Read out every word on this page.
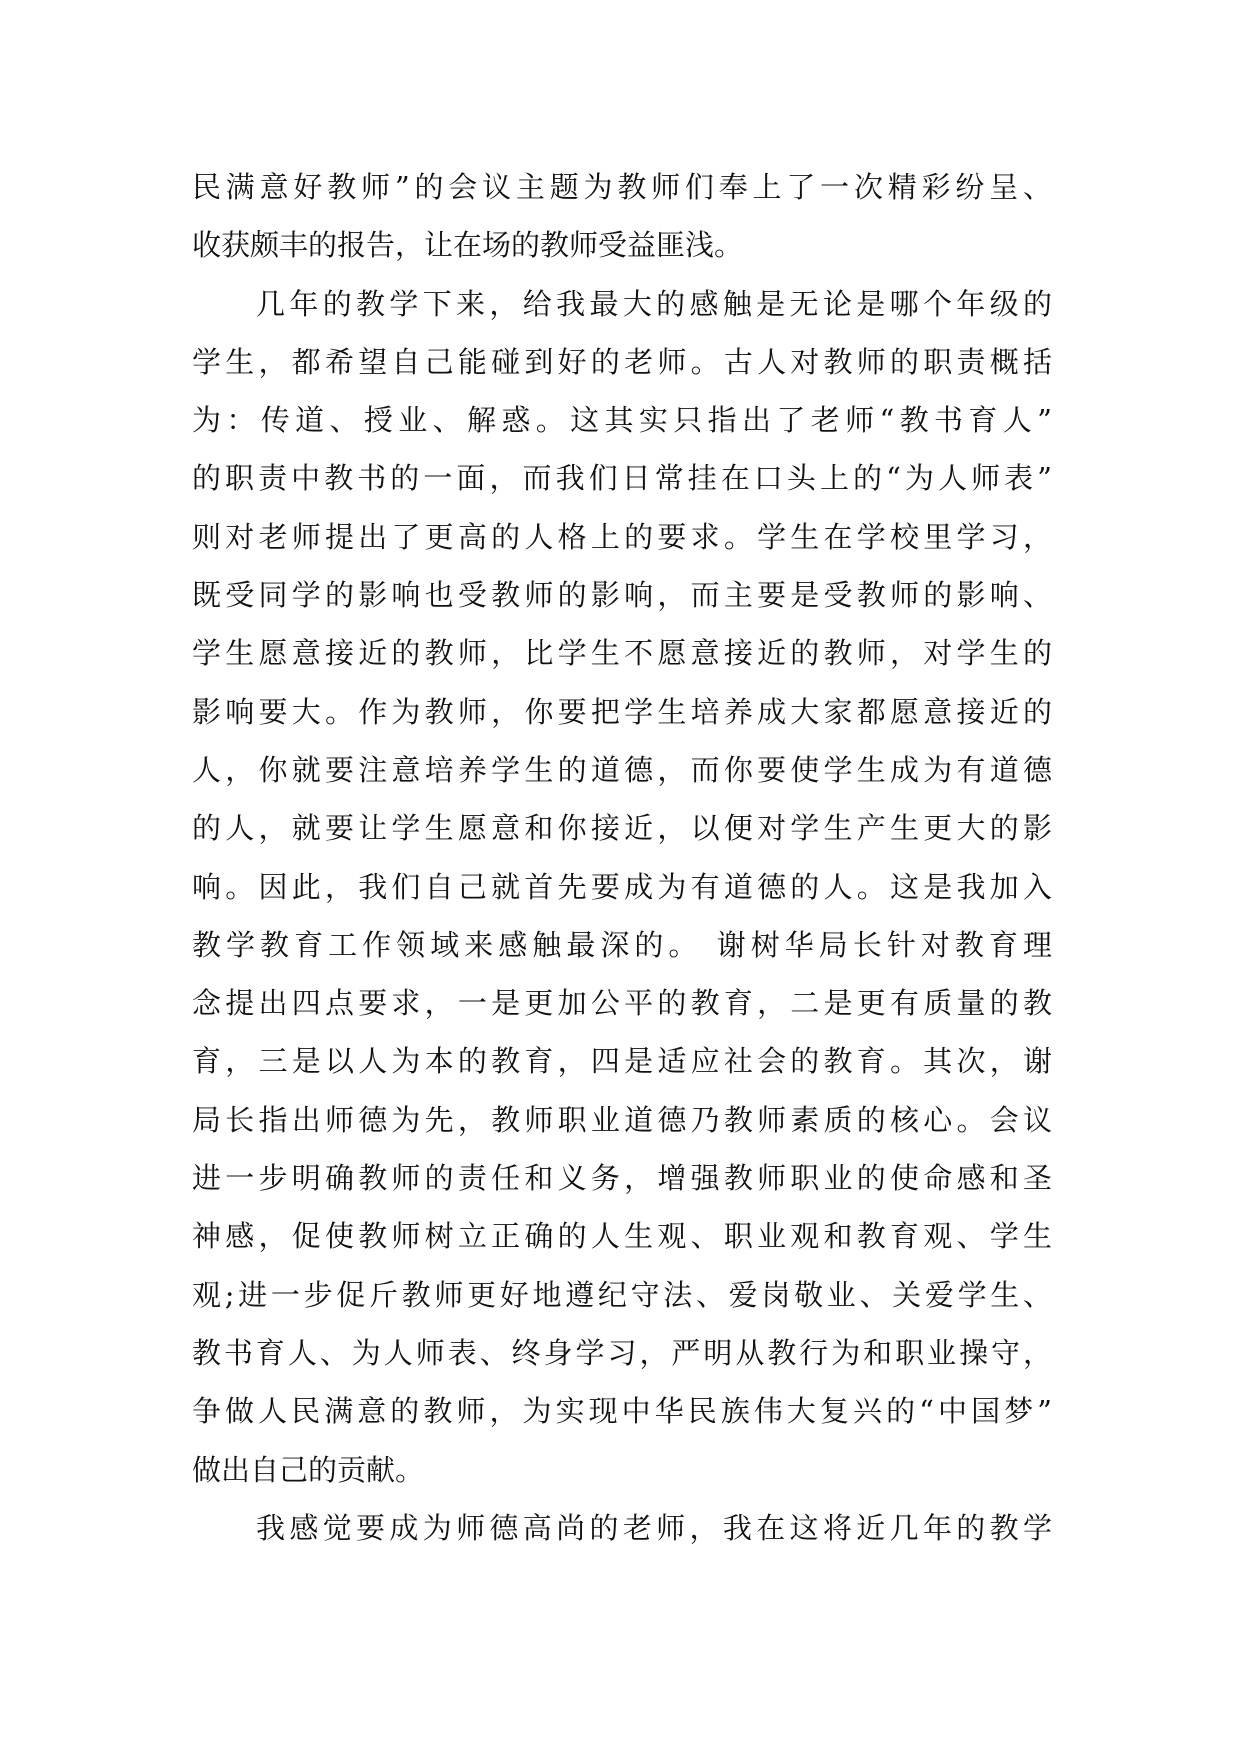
民满意好教师”的会议主题为教师们奉上了一次精彩纷呈、
收获颇丰的报告，让在场的教师受益匪浅。
几年的教学下来，给我最大的感触是无论是哪个年级的
学生，都希望自己能碰到好的老师。古人对教师的职责概括
为：传道、授业、解惑。这其实只指出了老师“教书育人”
的职责中教书的一面，而我们日常挂在口头上的“为人师表”
则对老师提出了更高的人格上的要求。学生在学校里学习，
既受同学的影响也受教师的影响，而主要是受教师的影响、
学生愿意接近的教师，比学生不愿意接近的教师，对学生的
影响要大。作为教师，你要把学生培养成大家都愿意接近的
人，你就要注意培养学生的道德，而你要使学生成为有道德
的人，就要让学生愿意和你接近，以便对学生产生更大的影
响。因此，我们自己就首先要成为有道德的人。这是我加入
教学教育工作领域来感触最深的。 谢树华局长针对教育理
念提出四点要求，一是更加公平的教育，二是更有质量的教
育，三是以人为本的教育，四是适应社会的教育。其次，谢
局长指出师德为先，教师职业道德乃教师素质的核心。会议
进一步明确教师的责任和义务，增强教师职业的使命感和圣
神感，促使教师树立正确的人生观、职业观和教育观、学生
观;进一步促斤教师更好地遵纪守法、爱岗敬业、关爱学生、
教书育人、为人师表、终身学习，严明从教行为和职业操守，
争做人民满意的教师，为实现中华民族伟大复兴的“中国梦”
做出自己的贡献。
我感觉要成为师德高尚的老师，我在这将近几年的教学
